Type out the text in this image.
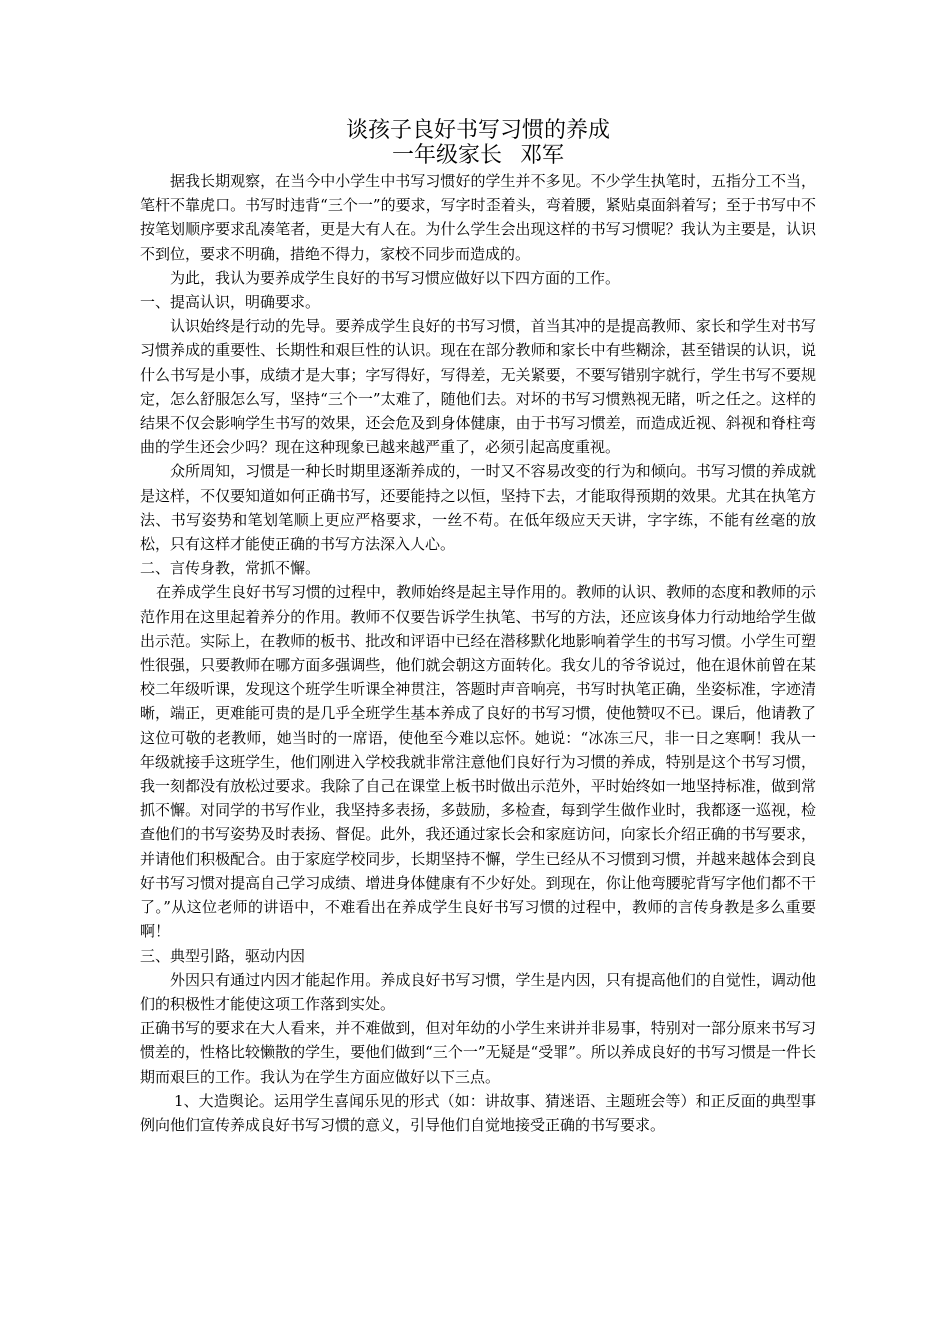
谈孩子良好书写习惯的养成

一年级家长 邓军

据我长期观察，在当今中小学生中书写习惯好的学生并不多见。不少学生执笔时，五指分工不当，笔杆不靠虎口。书写时违背“三个一”的要求，写字时歪着头，弯着腰，紧贴桌面斜着写；至于书写中不按笔划顺序要求乱凑笔者，更是大有人在。为什么学生会出现这样的书写习惯呢？我认为主要是，认识不到位，要求不明确，措绝不得力，家校不同步而造成的。

为此，我认为要养成学生良好的书写习惯应做好以下四方面的工作。

一、提高认识，明确要求。

认识始终是行动的先导。要养成学生良好的书写习惯，首当其冲的是提高教师、家长和学生对书写习惯养成的重要性、长期性和艰巨性的认识。现在在部分教师和家长中有些糊涂，甚至错误的认识，说什么书写是小事，成绩才是大事；字写得好，写得差，无关紧要，不要写错别字就行，学生书写不要规定，怎么舒服怎么写，坚持“三个一”太难了，随他们去。对坏的书写习惯熟视无睹，听之任之。这样的结果不仅会影响学生书写的效果，还会危及到身体健康，由于书写习惯差，而造成近视、斜视和脊柱弯曲的学生还会少吗？现在这种现象已越来越严重了，必须引起高度重视。

众所周知，习惯是一种长时期里逐渐养成的，一时又不容易改变的行为和倾向。书写习惯的养成就是这样，不仅要知道如何正确书写，还要能持之以恒，坚持下去，才能取得预期的效果。尤其在执笔方法、书写姿势和笔划笔顺上更应严格要求，一丝不苟。在低年级应天天讲，字字练，不能有丝毫的放松，只有这样才能使正确的书写方法深入人心。

二、言传身教，常抓不懈。

在养成学生良好书写习惯的过程中，教师始终是起主导作用的。教师的认识、教师的态度和教师的示范作用在这里起着养分的作用。教师不仅要告诉学生执笔、书写的方法，还应该身体力行动地给学生做出示范。实际上，在教师的板书、批改和评语中已经在潜移默化地影响着学生的书写习惯。小学生可塑性很强，只要教师在哪方面多强调些，他们就会朝这方面转化。我女儿的爷爷说过，他在退休前曾在某校二年级听课，发现这个班学生听课全神贯注，答题时声音响亮，书写时执笔正确，坐姿标准，字迹清晰，端正，更难能可贵的是几乎全班学生基本养成了良好的书写习惯，使他赞叹不已。课后，他请教了这位可敬的老教师，她当时的一席语，使他至今难以忘怀。她说：“冰冻三尺，非一日之寒啊！我从一年级就接手这班学生，他们刚进入学校我就非常注意他们良好行为习惯的养成，特别是这个书写习惯，我一刻都没有放松过要求。我除了自己在课堂上板书时做出示范外，平时始终如一地坚持标准，做到常抓不懈。对同学的书写作业，我坚持多表扬，多鼓励，多检查，每到学生做作业时，我都逐一巡视，检查他们的书写姿势及时表扬、督促。此外，我还通过家长会和家庭访问，向家长介绍正确的书写要求，并请他们积极配合。由于家庭学校同步，长期坚持不懈，学生已经从不习惯到习惯，并越来越体会到良好书写习惯对提高自己学习成绩、增进身体健康有不少好处。到现在，你让他弯腰驼背写字他们都不干了。”从这位老师的讲语中，不难看出在养成学生良好书写习惯的过程中，教师的言传身教是多么重要啊！

三、典型引路，驱动内因

外因只有通过内因才能起作用。养成良好书写习惯，学生是内因，只有提高他们的自觉性，调动他们的积极性才能使这项工作落到实处。

正确书写的要求在大人看来，并不难做到，但对年幼的小学生来讲并非易事，特别对一部分原来书写习惯差的，性格比较懒散的学生，要他们做到“三个一”无疑是“受罪”。所以养成良好的书写习惯是一件长期而艰巨的工作。我认为在学生方面应做好以下三点。

1、大造舆论。运用学生喜闻乐见的形式（如：讲故事、猜迷语、主题班会等）和正反面的典型事例向他们宣传养成良好书写习惯的意义，引导他们自觉地接受正确的书写要求。
